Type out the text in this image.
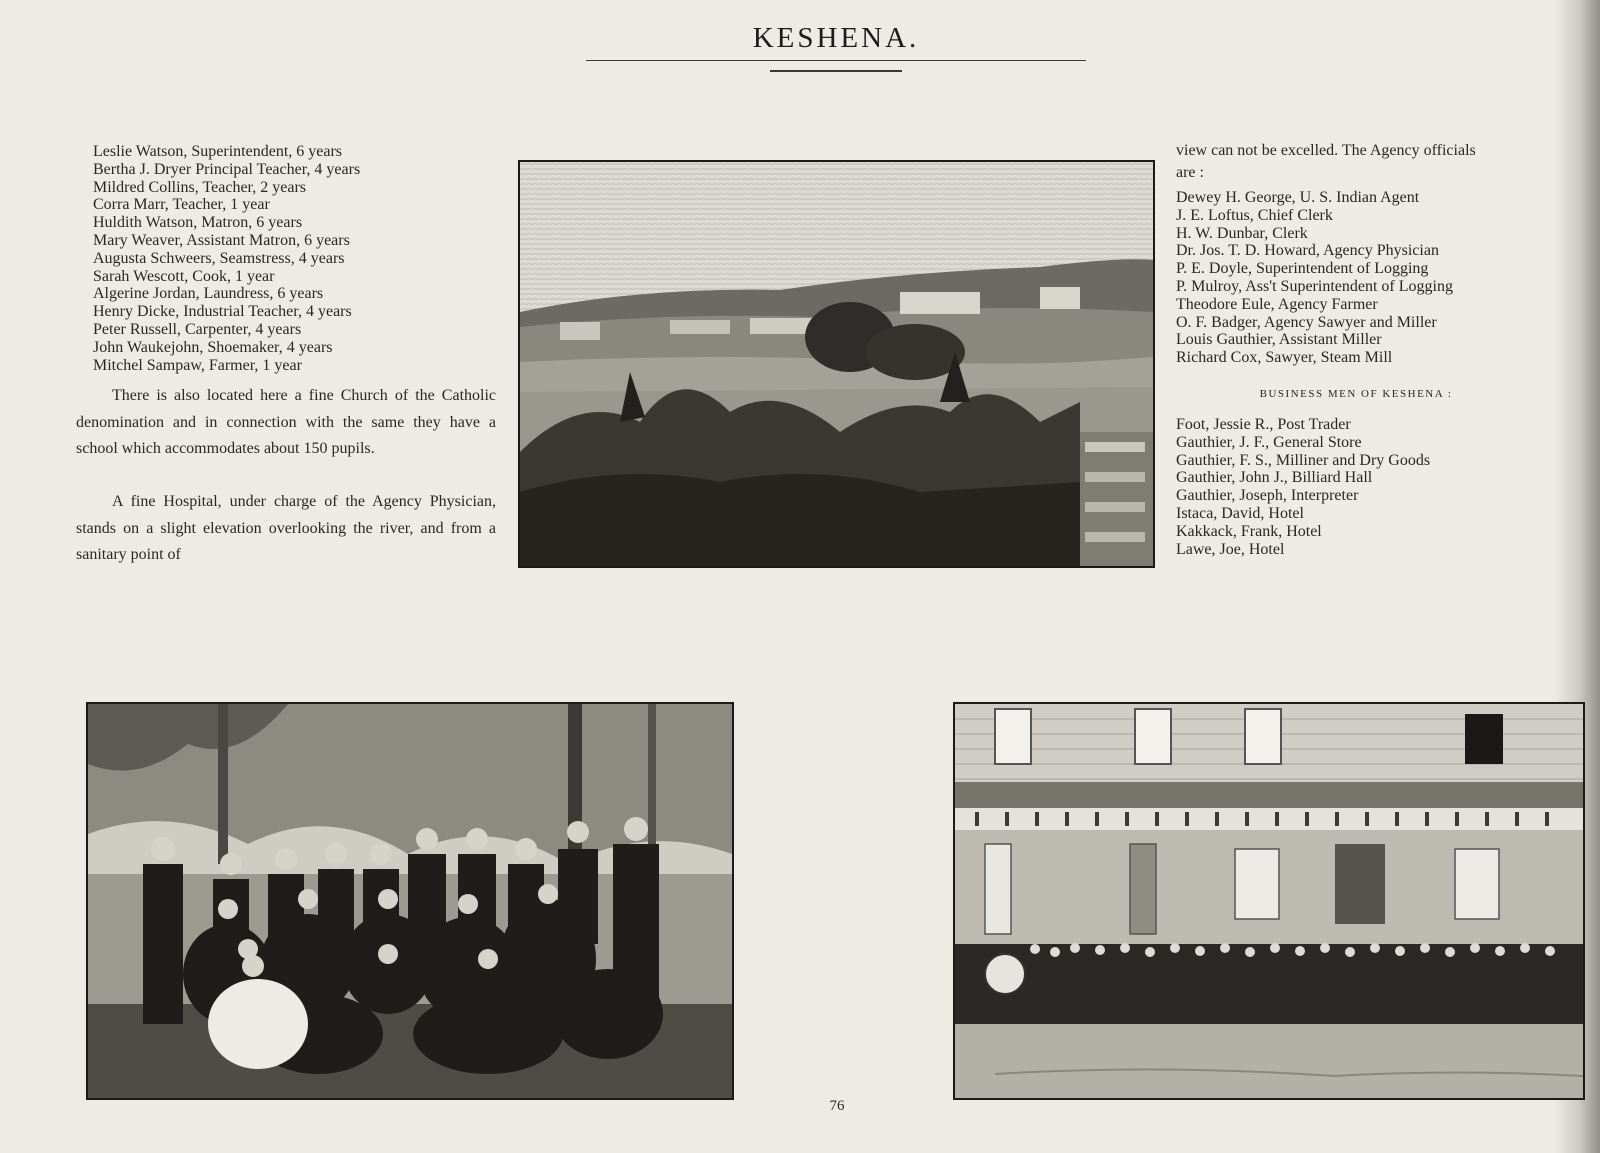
KESHENA.
Leslie Watson, Superintendent, 6 years
Bertha J. Dryer Principal Teacher, 4 years
Mildred Collins, Teacher, 2 years
Corra Marr, Teacher, 1 year
Huldith Watson, Matron, 6 years
Mary Weaver, Assistant Matron, 6 years
Augusta Schweers, Seamstress, 4 years
Sarah Wescott, Cook, 1 year
Algerine Jordan, Laundress, 6 years
Henry Dicke, Industrial Teacher, 4 years
Peter Russell, Carpenter, 4 years
John Waukejohn, Shoemaker, 4 years
Mitchel Sampaw, Farmer, 1 year

There is also located here a fine Church of the Catholic denomination and in connection with the same they have a school which accommodates about 150 pupils.

A fine Hospital, under charge of the Agency Physician, stands on a slight elevation overlooking the river, and from a sanitary point of

view can not be excelled. The Agency officials
are :
Dewey H. George, U. S. Indian Agent
J. E. Loftus, Chief Clerk
H. W. Dunbar, Clerk
Dr. Jos. T. D. Howard, Agency Physician
P. E. Doyle, Superintendent of Logging
P. Mulroy, Ass't Superintendent of Logging
Theodore Eule, Agency Farmer
O. F. Badger, Agency Sawyer and Miller
Louis Gauthier, Assistant Miller
Richard Cox, Sawyer, Steam Mill
BUSINESS MEN OF KESHENA :
Foot, Jessie R., Post Trader
Gauthier, J. F., General Store
Gauthier, F. S., Milliner and Dry Goods
Gauthier, John J., Billiard Hall
Gauthier, Joseph, Interpreter
Istaca, David, Hotel
Kakkack, Frank, Hotel
Lawe, Joe, Hotel

76
